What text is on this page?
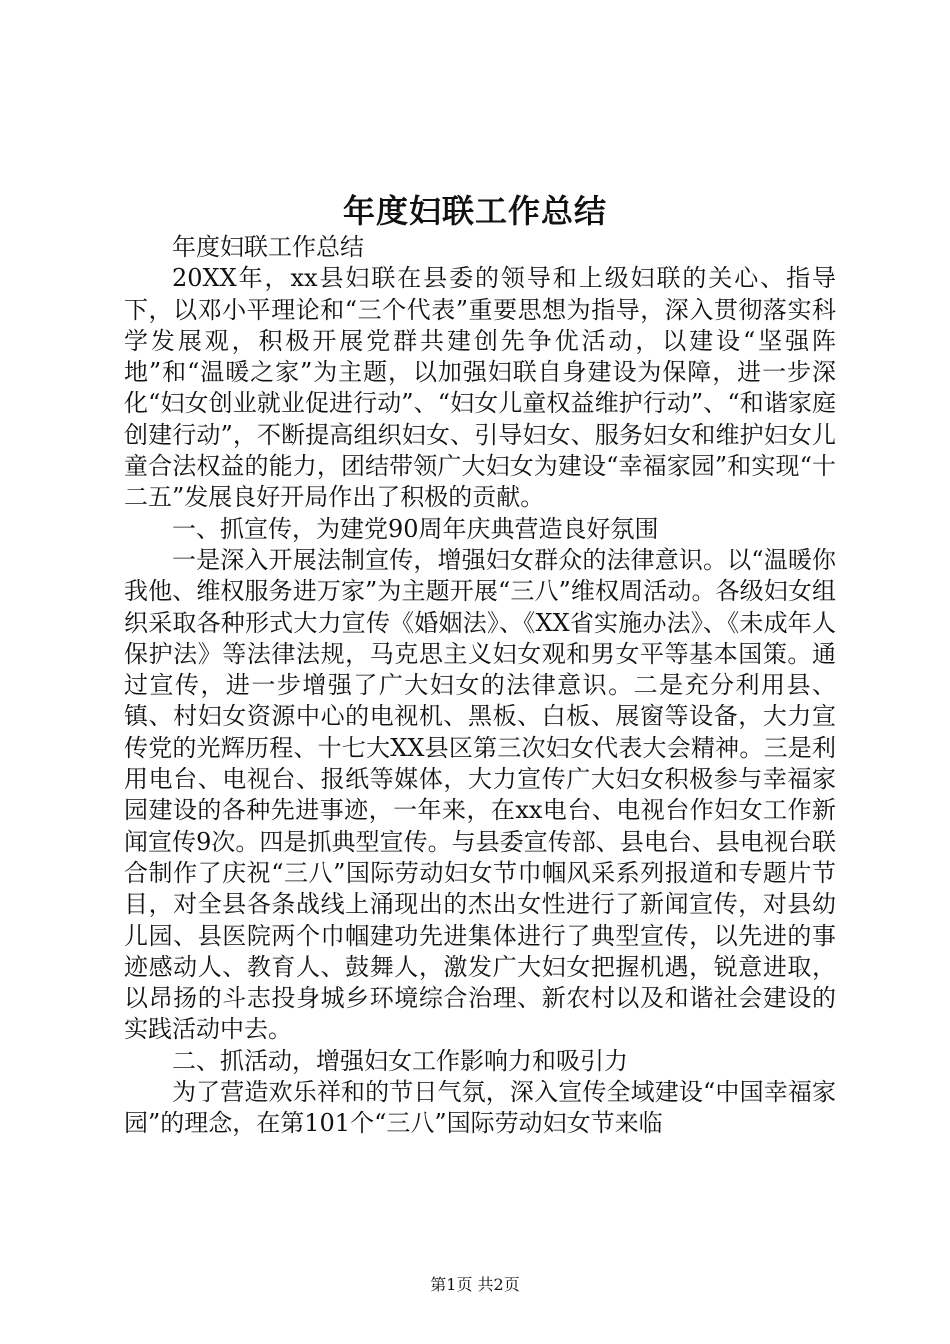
年度妇联工作总结

年度妇联工作总结

20XX年，xx县妇联在县委的领导和上级妇联的关心、指导下，以邓小平理论和“三个代表”重要思想为指导，深入贯彻落实科学发展观，积极开展党群共建创先争优活动，以建设“坚强阵地”和“温暖之家”为主题，以加强妇联自身建设为保障，进一步深化“妇女创业就业促进行动”、“妇女儿童权益维护行动”、“和谐家庭创建行动”，不断提高组织妇女、引导妇女、服务妇女和维护妇女儿童合法权益的能力，团结带领广大妇女为建设“幸福家园”和实现“十二五”发展良好开局作出了积极的贡献。

一、抓宣传，为建党90周年庆典营造良好氛围

一是深入开展法制宣传，增强妇女群众的法律意识。以“温暖你我他、维权服务进万家”为主题开展“三八”维权周活动。各级妇女组织采取各种形式大力宣传《婚姻法》、《XX省实施办法》、《未成年人保护法》等法律法规，马克思主义妇女观和男女平等基本国策。通过宣传，进一步增强了广大妇女的法律意识。二是充分利用县、镇、村妇女资源中心的电视机、黑板、白板、展窗等设备，大力宣传党的光辉历程、十七大XX县区第三次妇女代表大会精神。三是利用电台、电视台、报纸等媒体，大力宣传广大妇女积极参与幸福家园建设的各种先进事迹，一年来，在xx电台、电视台作妇女工作新闻宣传9次。四是抓典型宣传。与县委宣传部、县电台、县电视台联合制作了庆祝“三八”国际劳动妇女节巾帼风采系列报道和专题片节目，对全县各条战线上涌现出的杰出女性进行了新闻宣传，对县幼儿园、县医院两个巾帼建功先进集体进行了典型宣传，以先进的事迹感动人、教育人、鼓舞人，激发广大妇女把握机遇，锐意进取，以昂扬的斗志投身城乡环境综合治理、新农村以及和谐社会建设的实践活动中去。

二、抓活动，增强妇女工作影响力和吸引力

为了营造欢乐祥和的节日气氛，深入宣传全域建设“中国幸福家园”的理念，在第101个“三八”国际劳动妇女节来临

第1页 共2页
